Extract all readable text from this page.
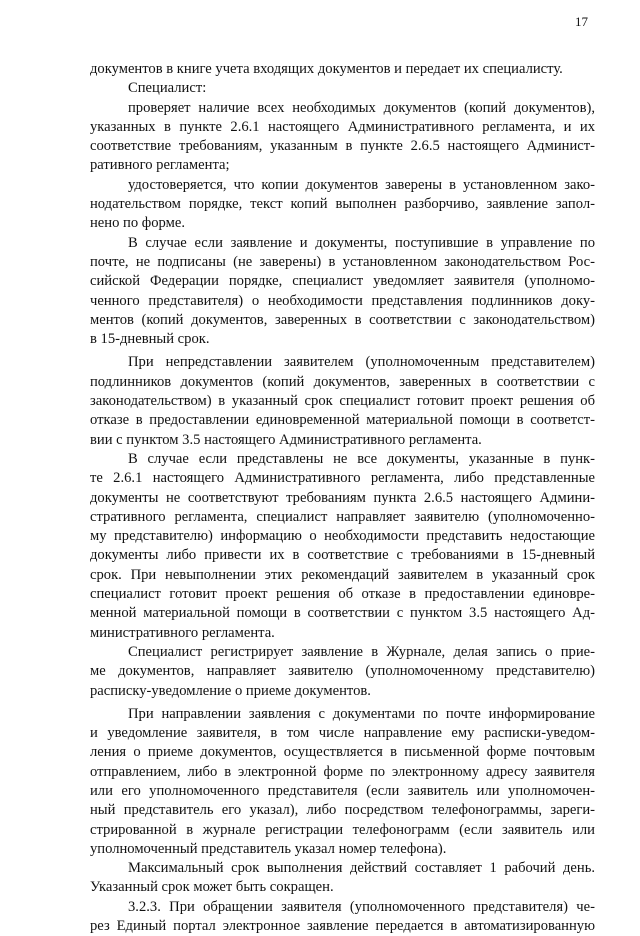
17
документов в книге учета входящих документов и передает их специалисту.
Специалист:
проверяет наличие всех необходимых документов (копий документов),
указанных в пункте 2.6.1 настоящего Административного регламента, и их
соответствие требованиям, указанным в пункте 2.6.5 настоящего Админист-
ративного регламента;
удостоверяется, что копии документов заверены в установленном зако-
нодательством порядке, текст копий выполнен разборчиво, заявление запол-
нено по форме.
В случае если заявление и документы, поступившие в управление по
почте, не подписаны (не заверены) в установленном законодательством Рос-
сийской Федерации порядке, специалист уведомляет заявителя (уполномо-
ченного представителя) о необходимости представления подлинников доку-
ментов (копий документов, заверенных в соответствии с законодательством)
в 15-дневный срок.
При непредставлении заявителем (уполномоченным представителем)
подлинников документов (копий документов, заверенных в соответствии с
законодательством) в указанный срок специалист готовит проект решения об
отказе в предоставлении единовременной материальной помощи в соответст-
вии с пунктом 3.5 настоящего Административного регламента.
В случае если представлены не все документы, указанные в пунк-
те 2.6.1 настоящего Административного регламента, либо представленные
документы не соответствуют требованиям пункта 2.6.5 настоящего Админи-
стративного регламента, специалист направляет заявителю (уполномоченно-
му представителю) информацию о необходимости представить недостающие
документы либо привести их в соответствие с требованиями в 15-дневный
срок. При невыполнении этих рекомендаций заявителем в указанный срок
специалист готовит проект решения об отказе в предоставлении единовре-
менной материальной помощи в соответствии с пунктом 3.5 настоящего Ад-
министративного регламента.
Специалист регистрирует заявление в Журнале, делая запись о прие-
ме документов, направляет заявителю (уполномоченному представителю)
расписку-уведомление о приеме документов.
При направлении заявления с документами по почте информирование
и уведомление заявителя, в том числе направление ему расписки-уведом-
ления о приеме документов, осуществляется в письменной форме почтовым
отправлением, либо в электронной форме по электронному адресу заявителя
или его уполномоченного представителя (если заявитель или уполномочен-
ный представитель его указал), либо посредством телефонограммы, зареги-
стрированной в журнале регистрации телефонограмм (если заявитель или
уполномоченный представитель указал номер телефона).
Максимальный срок выполнения действий составляет 1 рабочий день.
Указанный срок может быть сокращен.
3.2.3. При обращении заявителя (уполномоченного представителя) че-
рез Единый портал электронное заявление передается в автоматизированную
